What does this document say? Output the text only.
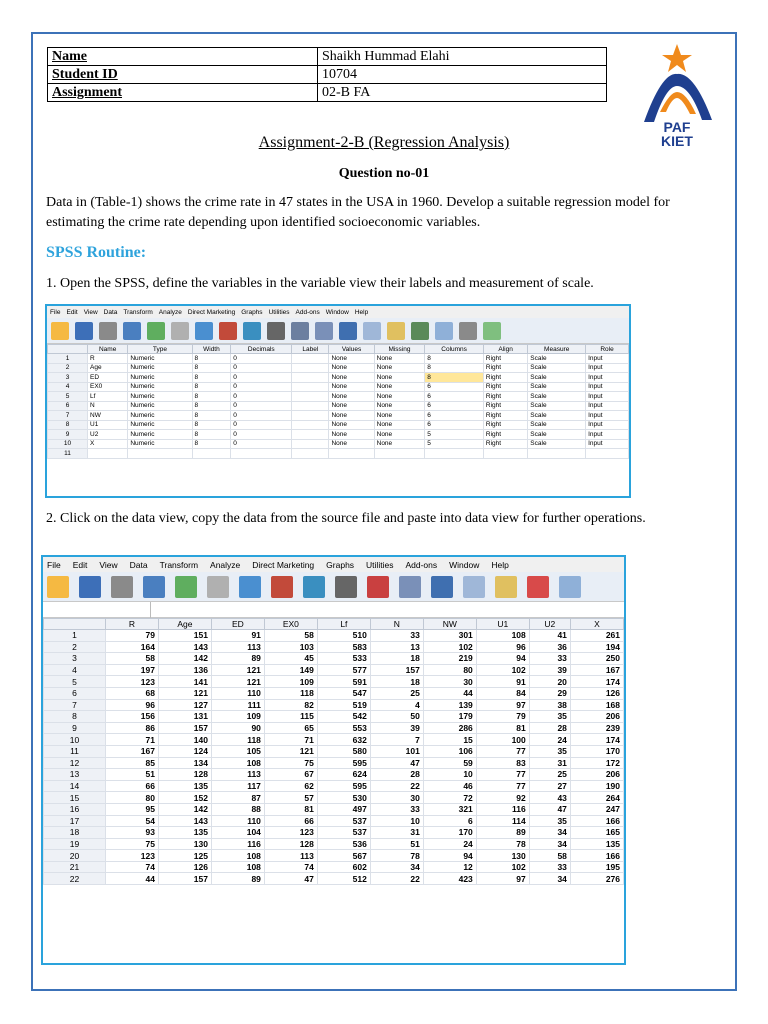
Name	Shaikh Hummad Elahi
Student ID	10704
Assignment	02-B FA
PAF
KIET
Assignment-2-B (Regression Analysis)
Question no-01
Data in (Table-1) shows the crime rate in 47 states in the USA in 1960. Develop a suitable regression model for estimating the crime rate depending upon identified socioeconomic variables.
SPSS Routine:
1. Open the SPSS, define the variables in the variable view their labels and measurement of scale.
File Edit View Data Transform Analyze Direct Marketing Graphs Utilities Add-ons Window Help
	Name	Type	Width	Decimals	Label	Values	Missing	Columns	Align	Measure	Role
1	R	Numeric	8	0		None	None	8	Right	Scale	Input
2	Age	Numeric	8	0		None	None	8	Right	Scale	Input
3	ED	Numeric	8	0		None	None	8	Right	Scale	Input
4	EX0	Numeric	8	0		None	None	6	Right	Scale	Input
5	Lf	Numeric	8	0		None	None	6	Right	Scale	Input
6	N	Numeric	8	0		None	None	6	Right	Scale	Input
7	NW	Numeric	8	0		None	None	6	Right	Scale	Input
8	U1	Numeric	8	0		None	None	6	Right	Scale	Input
9	U2	Numeric	8	0		None	None	5	Right	Scale	Input
10	X	Numeric	8	0		None	None	5	Right	Scale	Input
11											
2. Click on the data view, copy the data from the source file and paste into data view for further operations.
File Edit View Data Transform Analyze Direct Marketing Graphs Utilities Add-ons Window Help
	R	Age	ED	EX0	Lf	N	NW	U1	U2	X
1	79	151	91	58	510	33	301	108	41	261
2	164	143	113	103	583	13	102	96	36	194
3	58	142	89	45	533	18	219	94	33	250
4	197	136	121	149	577	157	80	102	39	167
5	123	141	121	109	591	18	30	91	20	174
6	68	121	110	118	547	25	44	84	29	126
7	96	127	111	82	519	4	139	97	38	168
8	156	131	109	115	542	50	179	79	35	206
9	86	157	90	65	553	39	286	81	28	239
10	71	140	118	71	632	7	15	100	24	174
11	167	124	105	121	580	101	106	77	35	170
12	85	134	108	75	595	47	59	83	31	172
13	51	128	113	67	624	28	10	77	25	206
14	66	135	117	62	595	22	46	77	27	190
15	80	152	87	57	530	30	72	92	43	264
16	95	142	88	81	497	33	321	116	47	247
17	54	143	110	66	537	10	6	114	35	166
18	93	135	104	123	537	31	170	89	34	165
19	75	130	116	128	536	51	24	78	34	135
20	123	125	108	113	567	78	94	130	58	166
21	74	126	108	74	602	34	12	102	33	195
22	44	157	89	47	512	22	423	97	34	276
